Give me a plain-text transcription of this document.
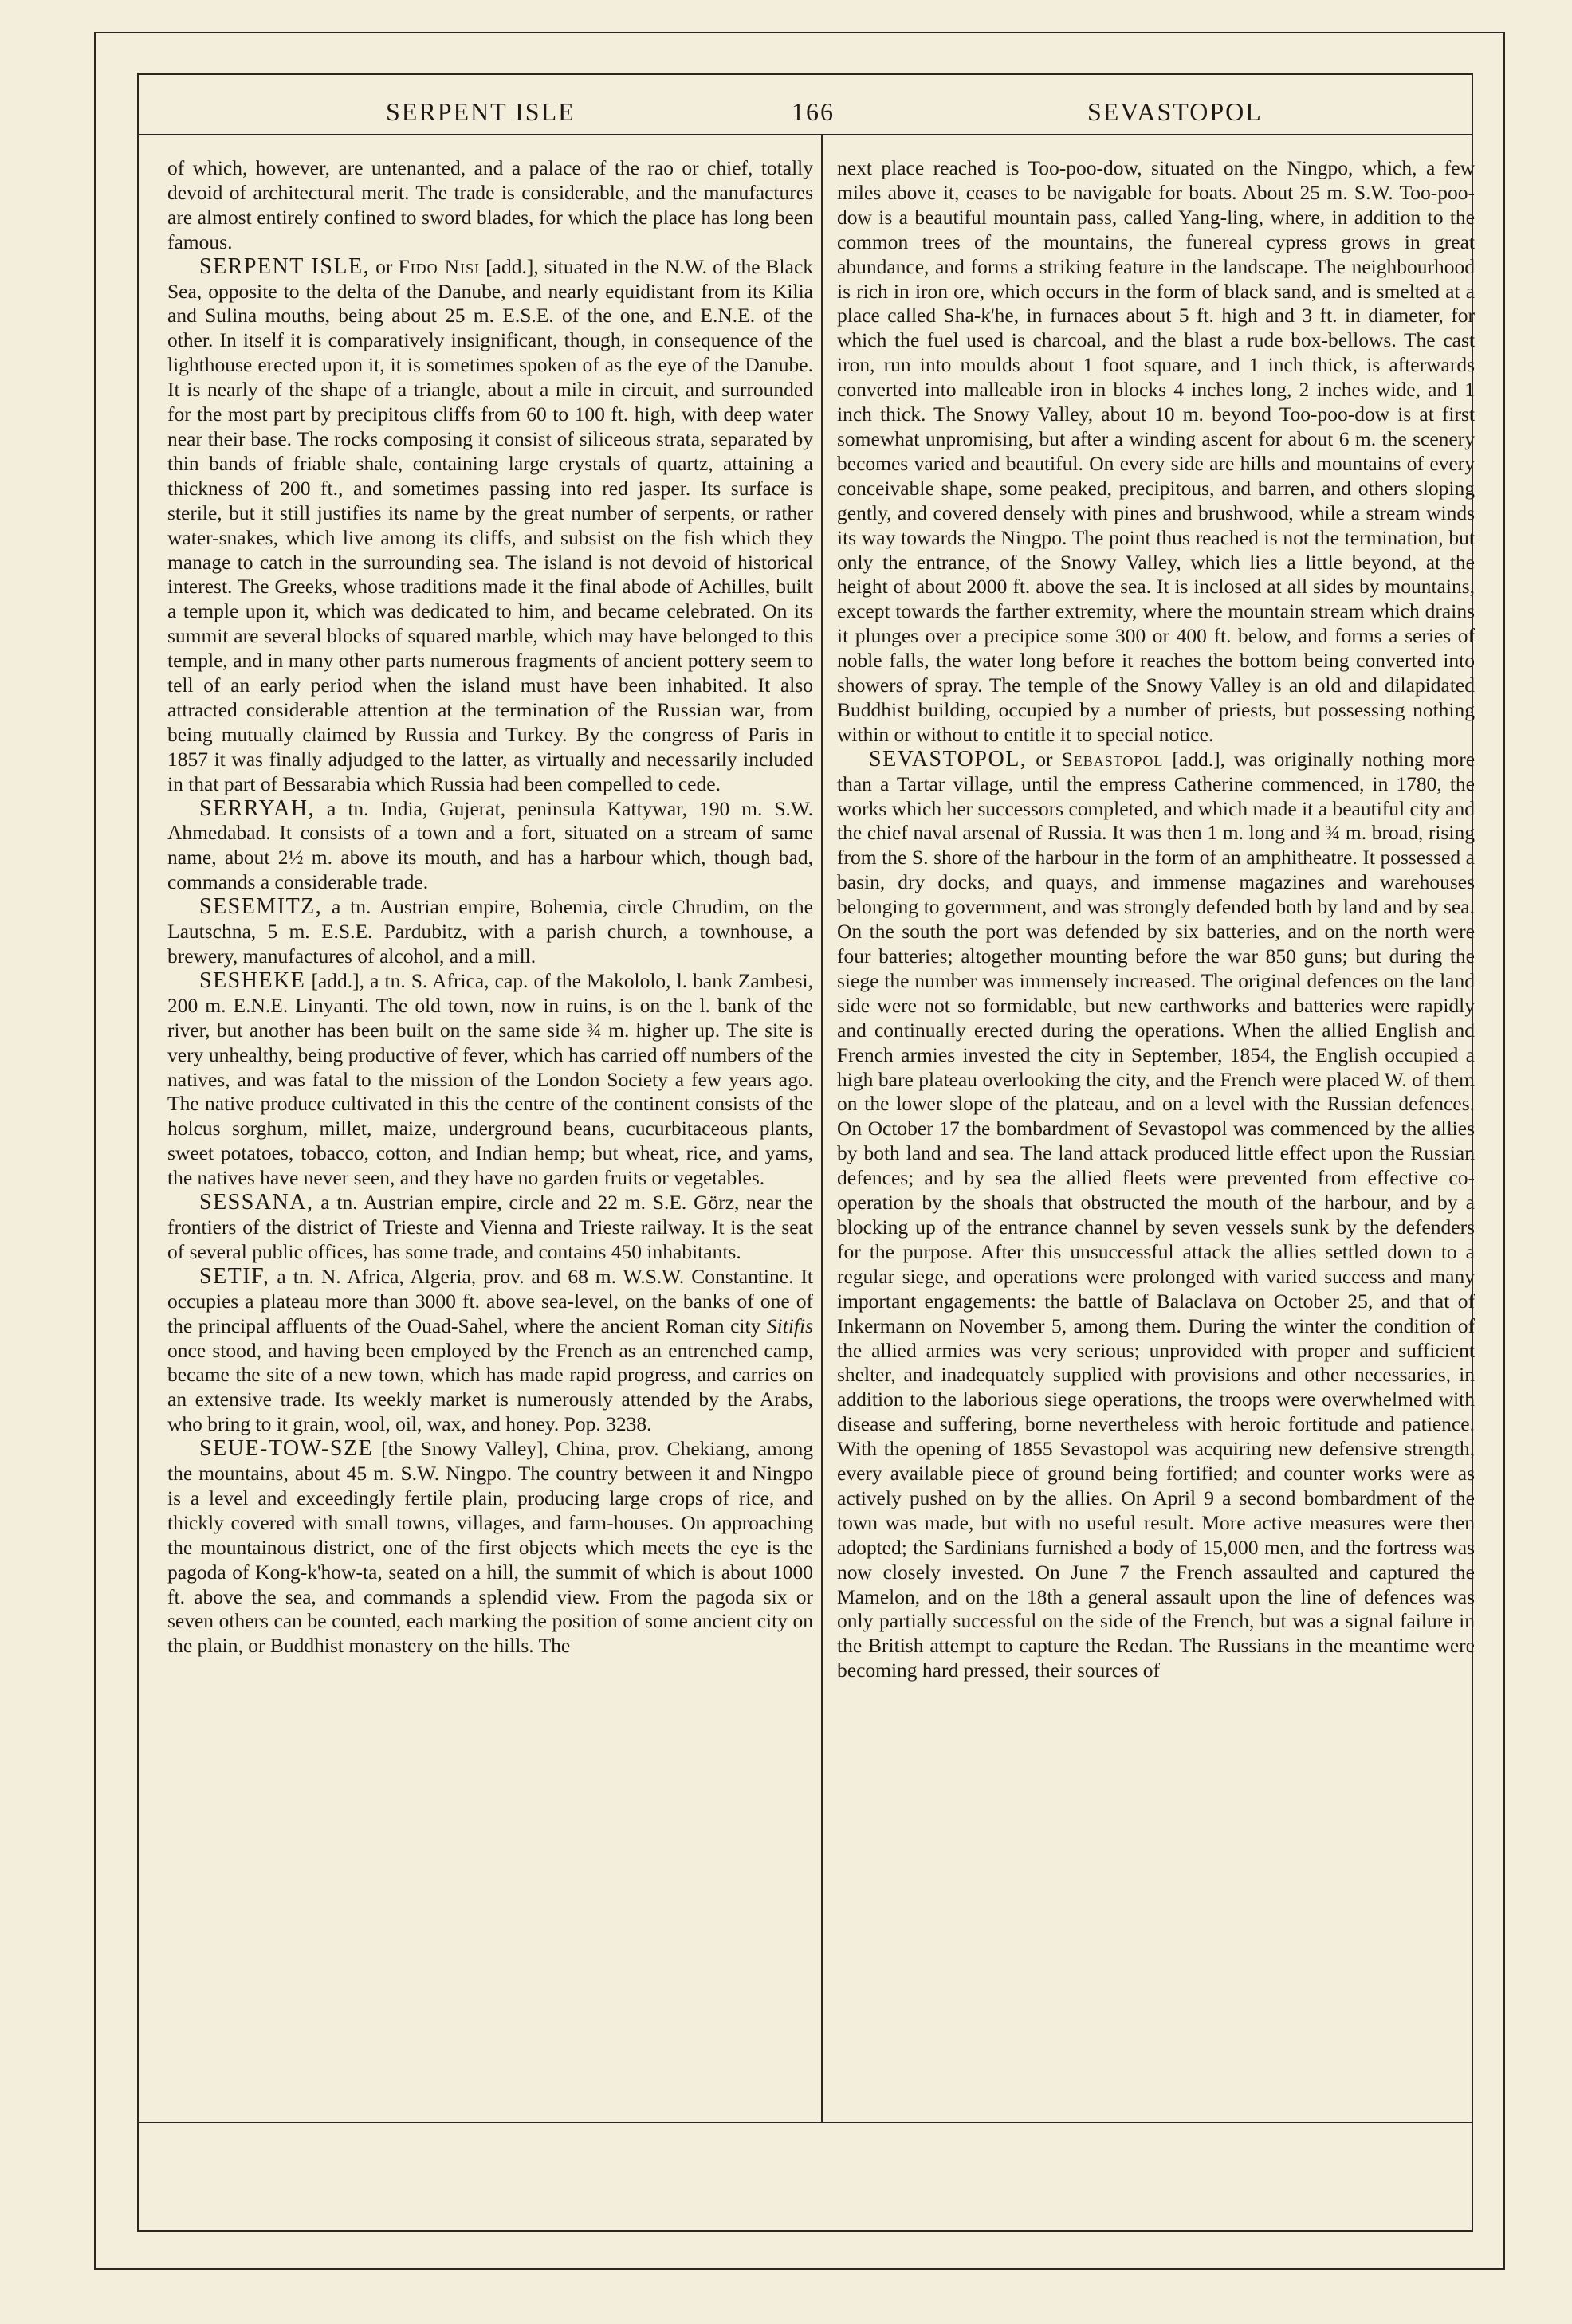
SERPENT ISLE	166	SEVASTOPOL

of which, however, are untenanted, and a palace of the rao or chief, totally devoid of architectural merit. The trade is considerable, and the manufactures are almost entirely confined to sword blades, for which the place has long been famous.

SERPENT ISLE, or Fido Nisi [add.], situated in the N.W. of the Black Sea, opposite to the delta of the Danube, and nearly equidistant from its Kilia and Sulina mouths, being about 25 m. E.S.E. of the one, and E.N.E. of the other. In itself it is comparatively insignificant, though, in consequence of the lighthouse erected upon it, it is sometimes spoken of as the eye of the Danube. It is nearly of the shape of a triangle, about a mile in circuit, and surrounded for the most part by precipitous cliffs from 60 to 100 ft. high, with deep water near their base. The rocks composing it consist of siliceous strata, separated by thin bands of friable shale, containing large crystals of quartz, attaining a thickness of 200 ft., and sometimes passing into red jasper. Its surface is sterile, but it still justifies its name by the great number of serpents, or rather water-snakes, which live among its cliffs, and subsist on the fish which they manage to catch in the surrounding sea. The island is not devoid of historical interest. The Greeks, whose traditions made it the final abode of Achilles, built a temple upon it, which was dedicated to him, and became celebrated. On its summit are several blocks of squared marble, which may have belonged to this temple, and in many other parts numerous fragments of ancient pottery seem to tell of an early period when the island must have been inhabited. It also attracted considerable attention at the termination of the Russian war, from being mutually claimed by Russia and Turkey. By the congress of Paris in 1857 it was finally adjudged to the latter, as virtually and necessarily included in that part of Bessarabia which Russia had been compelled to cede.

SERRYAH, a tn. India, Gujerat, peninsula Kattywar, 190 m. S.W. Ahmedabad. It consists of a town and a fort, situated on a stream of same name, about 2½ m. above its mouth, and has a harbour which, though bad, commands a considerable trade.

SESEMITZ, a tn. Austrian empire, Bohemia, circle Chrudim, on the Lautschna, 5 m. E.S.E. Pardubitz, with a parish church, a townhouse, a brewery, manufactures of alcohol, and a mill.

SESHEKE [add.], a tn. S. Africa, cap. of the Makololo, l. bank Zambesi, 200 m. E.N.E. Linyanti. The old town, now in ruins, is on the l. bank of the river, but another has been built on the same side ¾ m. higher up. The site is very unhealthy, being productive of fever, which has carried off numbers of the natives, and was fatal to the mission of the London Society a few years ago. The native produce cultivated in this the centre of the continent consists of the holcus sorghum, millet, maize, underground beans, cucurbitaceous plants, sweet potatoes, tobacco, cotton, and Indian hemp; but wheat, rice, and yams, the natives have never seen, and they have no garden fruits or vegetables.

SESSANA, a tn. Austrian empire, circle and 22 m. S.E. Görz, near the frontiers of the district of Trieste and Vienna and Trieste railway. It is the seat of several public offices, has some trade, and contains 450 inhabitants.

SETIF, a tn. N. Africa, Algeria, prov. and 68 m. W.S.W. Constantine. It occupies a plateau more than 3000 ft. above sea-level, on the banks of one of the principal affluents of the Ouad-Sahel, where the ancient Roman city Sitifis once stood, and having been employed by the French as an entrenched camp, became the site of a new town, which has made rapid progress, and carries on an extensive trade. Its weekly market is numerously attended by the Arabs, who bring to it grain, wool, oil, wax, and honey. Pop. 3238.

SEUE-TOW-SZE [the Snowy Valley], China, prov. Chekiang, among the mountains, about 45 m. S.W. Ningpo. The country between it and Ningpo is a level and exceedingly fertile plain, producing large crops of rice, and thickly covered with small towns, villages, and farm-houses. On approaching the mountainous district, one of the first objects which meets the eye is the pagoda of Kong-k'how-ta, seated on a hill, the summit of which is about 1000 ft. above the sea, and commands a splendid view. From the pagoda six or seven others can be counted, each marking the position of some ancient city on the plain, or Buddhist monastery on the hills. The

next place reached is Too-poo-dow, situated on the Ningpo, which, a few miles above it, ceases to be navigable for boats. About 25 m. S.W. Too-poo-dow is a beautiful mountain pass, called Yang-ling, where, in addition to the common trees of the mountains, the funereal cypress grows in great abundance, and forms a striking feature in the landscape. The neighbourhood is rich in iron ore, which occurs in the form of black sand, and is smelted at a place called Sha-k'he, in furnaces about 5 ft. high and 3 ft. in diameter, for which the fuel used is charcoal, and the blast a rude box-bellows. The cast iron, run into moulds about 1 foot square, and 1 inch thick, is afterwards converted into malleable iron in blocks 4 inches long, 2 inches wide, and 1 inch thick. The Snowy Valley, about 10 m. beyond Too-poo-dow is at first somewhat unpromising, but after a winding ascent for about 6 m. the scenery becomes varied and beautiful. On every side are hills and mountains of every conceivable shape, some peaked, precipitous, and barren, and others sloping gently, and covered densely with pines and brushwood, while a stream winds its way towards the Ningpo. The point thus reached is not the termination, but only the entrance, of the Snowy Valley, which lies a little beyond, at the height of about 2000 ft. above the sea. It is inclosed at all sides by mountains, except towards the farther extremity, where the mountain stream which drains it plunges over a precipice some 300 or 400 ft. below, and forms a series of noble falls, the water long before it reaches the bottom being converted into showers of spray. The temple of the Snowy Valley is an old and dilapidated Buddhist building, occupied by a number of priests, but possessing nothing within or without to entitle it to special notice.

SEVASTOPOL, or Sebastopol [add.], was originally nothing more than a Tartar village, until the empress Catherine commenced, in 1780, the works which her successors completed, and which made it a beautiful city and the chief naval arsenal of Russia. It was then 1 m. long and ¾ m. broad, rising from the S. shore of the harbour in the form of an amphitheatre. It possessed a basin, dry docks, and quays, and immense magazines and warehouses belonging to government, and was strongly defended both by land and by sea. On the south the port was defended by six batteries, and on the north were four batteries; altogether mounting before the war 850 guns; but during the siege the number was immensely increased. The original defences on the land side were not so formidable, but new earthworks and batteries were rapidly and continually erected during the operations. When the allied English and French armies invested the city in September, 1854, the English occupied a high bare plateau overlooking the city, and the French were placed W. of them on the lower slope of the plateau, and on a level with the Russian defences. On October 17 the bombardment of Sevastopol was commenced by the allies by both land and sea. The land attack produced little effect upon the Russian defences; and by sea the allied fleets were prevented from effective co-operation by the shoals that obstructed the mouth of the harbour, and by a blocking up of the entrance channel by seven vessels sunk by the defenders for the purpose. After this unsuccessful attack the allies settled down to a regular siege, and operations were prolonged with varied success and many important engagements: the battle of Balaclava on October 25, and that of Inkermann on November 5, among them. During the winter the condition of the allied armies was very serious; unprovided with proper and sufficient shelter, and inadequately supplied with provisions and other necessaries, in addition to the laborious siege operations, the troops were overwhelmed with disease and suffering, borne nevertheless with heroic fortitude and patience. With the opening of 1855 Sevastopol was acquiring new defensive strength, every available piece of ground being fortified; and counter works were as actively pushed on by the allies. On April 9 a second bombardment of the town was made, but with no useful result. More active measures were then adopted; the Sardinians furnished a body of 15,000 men, and the fortress was now closely invested. On June 7 the French assaulted and captured the Mamelon, and on the 18th a general assault upon the line of defences was only partially successful on the side of the French, but was a signal failure in the British attempt to capture the Redan. The Russians in the meantime were becoming hard pressed, their sources of
